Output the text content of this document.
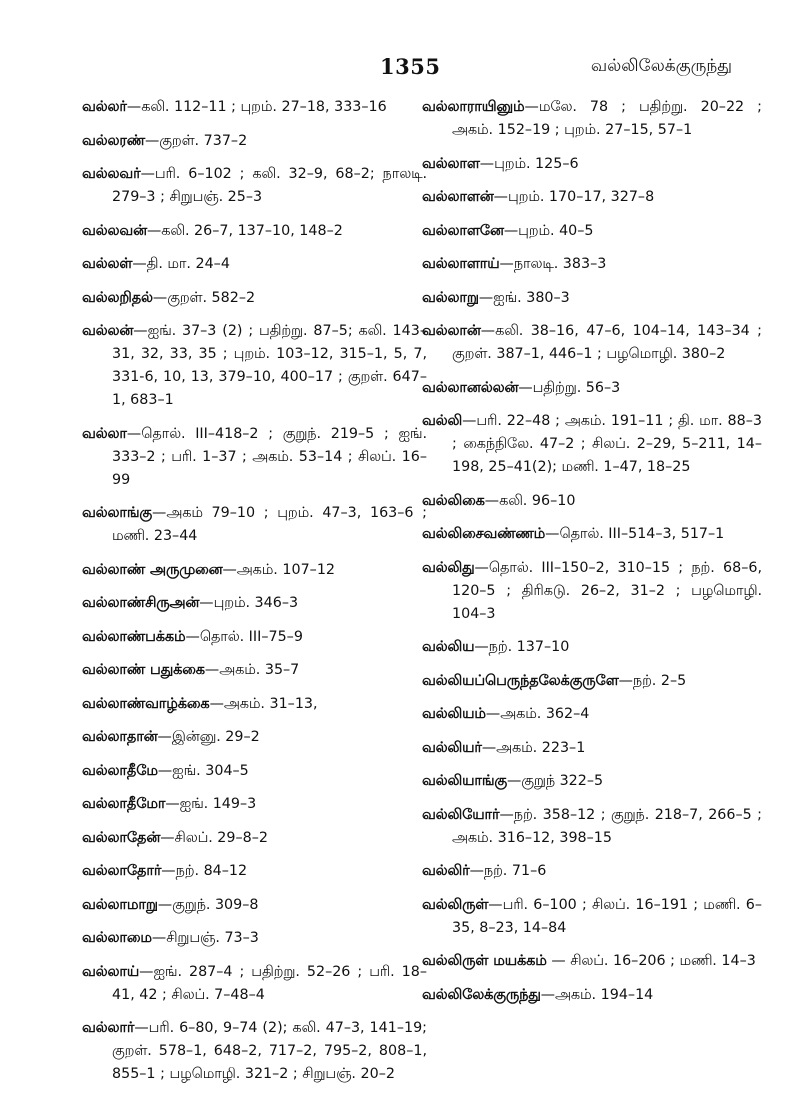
1355	வல்லிலேக்குருந்து
வல்லர்—கலி. 112–11 ; புறம். 27–18, 333–16
வல்லரண்—குறள். 737–2
வல்லவர்—பரி. 6–102 ; கலி. 32–9, 68–2; நாலடி. 279–3 ; சிறுபஞ். 25–3
வல்லவன்—கலி. 26–7, 137–10, 148–2
வல்லள்—தி. மா. 24–4
வல்லறிதல்—குறள். 582–2
வல்லன்—ஐங். 37–3 (2) ; பதிற்று. 87–5; கலி. 143–31, 32, 33, 35 ; புறம். 103–12, 315–1, 5, 7, 331-6, 10, 13, 379–10, 400–17 ; குறள். 647–1, 683–1
வல்லா—தொல். III–418–2 ; குறுந். 219–5 ; ஐங். 333–2 ; பரி. 1–37 ; அகம். 53–14 ; சிலப். 16–99
வல்லாங்கு—அகம் 79–10 ; புறம். 47–3, 163–6 ; மணி. 23–44
வல்லாண் அருமுனை—அகம். 107–12
வல்லாண்சிருஅன்—புறம். 346–3
வல்லாண்பக்கம்—தொல். III–75–9
வல்லாண் பதுக்கை—அகம். 35–7
வல்லாண்வாழ்க்கை—அகம். 31–13,
வல்லாதான்—இன்னு. 29–2
வல்லாதீமே—ஐங். 304–5
வல்லாதீமோ—ஐங். 149–3
வல்லாதேன்—சிலப். 29–8–2
வல்லாதோர்—நற். 84–12
வல்லாமாறு—குறுந். 309–8
வல்லாமை—சிறுபஞ். 73–3
வல்லாய்—ஐங். 287–4 ; பதிற்று. 52–26 ; பரி. 18–41, 42 ; சிலப். 7–48–4
வல்லார்—பரி. 6–80, 9–74 (2); கலி. 47–3, 141–19; குறள். 578–1, 648–2, 717–2, 795–2, 808–1, 855–1 ; பழமொழி. 321–2 ; சிறுபஞ். 20–2
வல்லாராயினும்—மலே. 78 ; பதிற்று. 20–22 ; அகம். 152–19 ; புறம். 27–15, 57–1
வல்லாள—புறம். 125–6
வல்லாளன்—புறம். 170–17, 327–8
வல்லாளனே—புறம். 40–5
வல்லாளாய்—நாலடி. 383–3
வல்லாறு—ஐங். 380–3
வல்லான்—கலி. 38–16, 47–6, 104–14, 143–34 ; குறள். 387–1, 446–1 ; பழமொழி. 380–2
வல்லானல்லன்—பதிற்று. 56–3
வல்லி—பரி. 22–48 ; அகம். 191–11 ; தி. மா. 88–3 ; கைந்நிலே. 47–2 ; சிலப். 2–29, 5–211, 14–198, 25–41(2); மணி. 1–47, 18–25
வல்லிகை—கலி. 96–10
வல்லிசைவண்ணம்—தொல். III–514–3, 517–1
வல்லிது—தொல். III–150–2, 310–15 ; நற். 68–6, 120–5 ; திரிகடு. 26–2, 31–2 ; பழமொழி. 104–3
வல்லிய—நற். 137–10
வல்லியப்பெருந்தலேக்குருளே—நற். 2–5
வல்லியம்—அகம். 362–4
வல்லியர்—அகம். 223–1
வல்லியாங்கு—குறுந் 322–5
வல்லியோர்—நற். 358–12 ; குறுந். 218–7, 266–5 ; அகம். 316–12, 398–15
வல்லிர்—நற். 71–6
வல்லிருள்—பரி. 6–100 ; சிலப். 16–191 ; மணி. 6–35, 8–23, 14–84
வல்லிருள் மயக்கம் — சிலப். 16–206 ; மணி. 14–3
வல்லிலேக்குருந்து—அகம். 194–14
